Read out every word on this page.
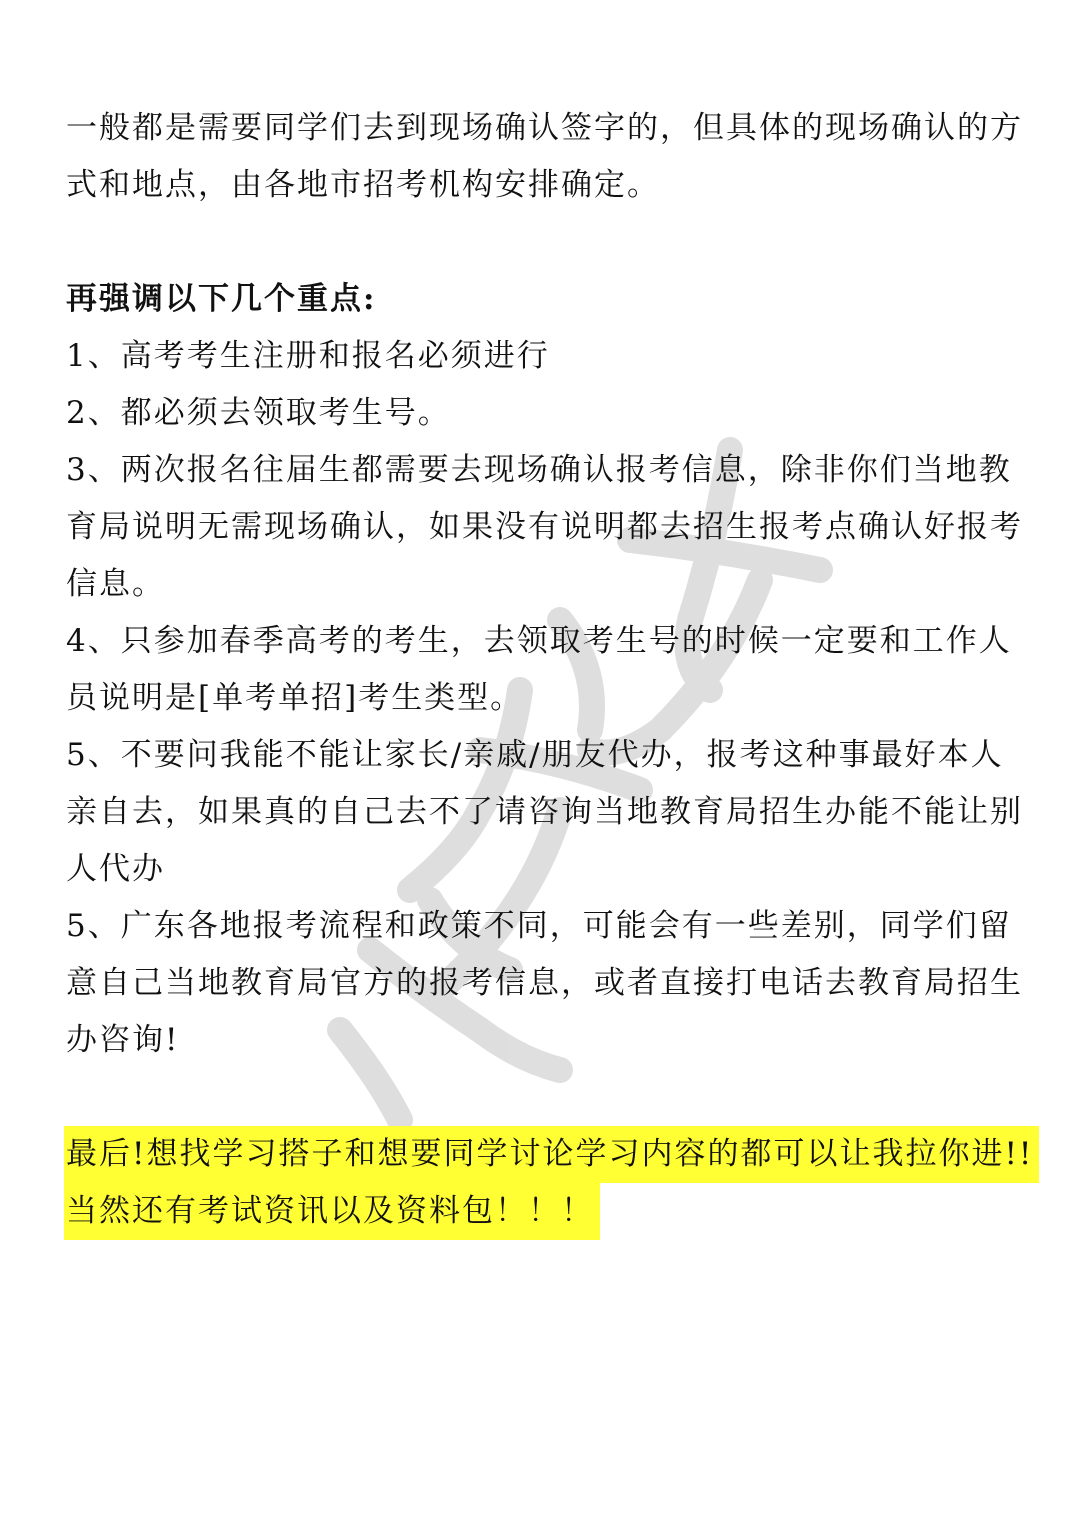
一般都是需要同学们去到现场确认签字的，但具体的现场确认的方式和地点，由各地市招考机构安排确定。

再强调以下几个重点:

1、高考考生注册和报名必须进行

2、都必须去领取考生号。

3、两次报名往届生都需要去现场确认报考信息，除非你们当地教育局说明无需现场确认，如果没有说明都去招生报考点确认好报考信息。

4、只参加春季高考的考生，去领取考生号的时候一定要和工作人员说明是[单考单招]考生类型。

5、不要问我能不能让家长/亲戚/朋友代办，报考这种事最好本人亲自去，如果真的自己去不了请咨询当地教育局招生办能不能让别人代办

5、广东各地报考流程和政策不同，可能会有一些差别，同学们留意自己当地教育局官方的报考信息，或者直接打电话去教育局招生办咨询!

最后!想找学习搭子和想要同学讨论学习内容的都可以让我拉你进!!
当然还有考试资讯以及资料包！！！
